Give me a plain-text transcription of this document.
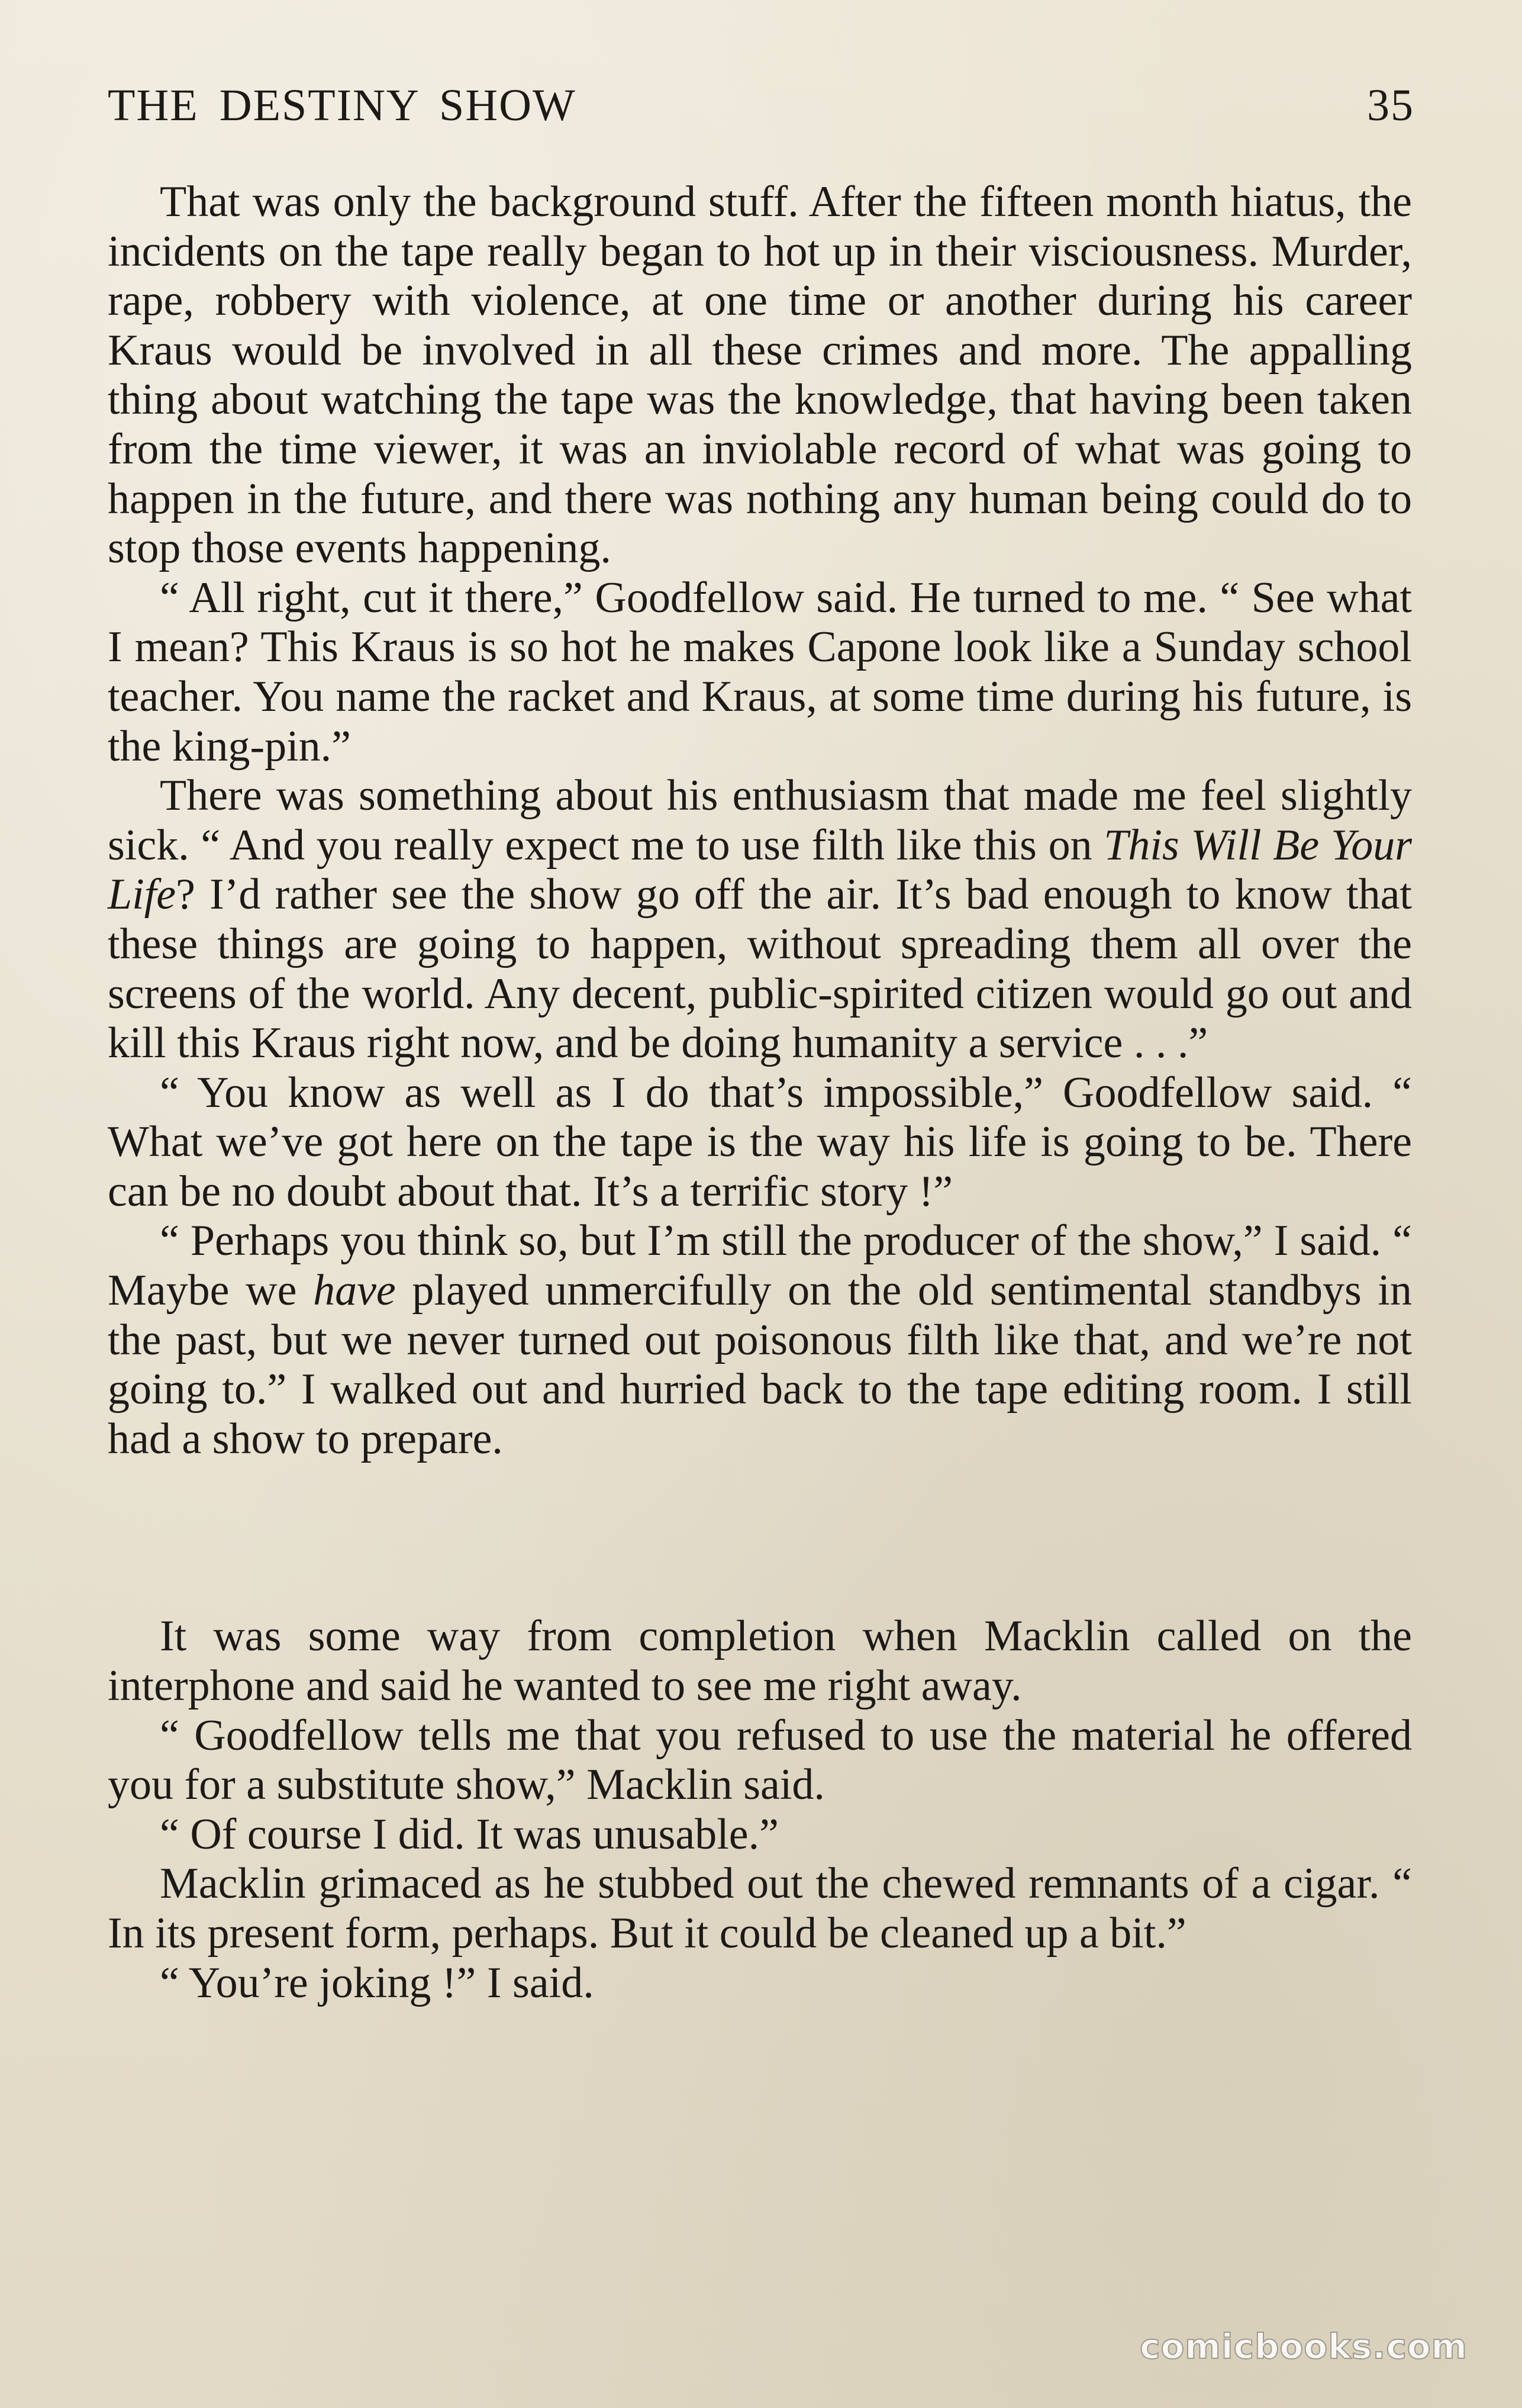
THE DESTINY SHOW	35

That was only the background stuff. After the fifteen month hiatus, the incidents on the tape really began to hot up in their visciousness. Murder, rape, robbery with violence, at one time or another during his career Kraus would be involved in all these crimes and more. The appalling thing about watching the tape was the knowledge, that having been taken from the time viewer, it was an inviolable record of what was going to happen in the future, and there was nothing any human being could do to stop those events happening.

“ All right, cut it there,” Goodfellow said. He turned to me. “ See what I mean? This Kraus is so hot he makes Capone look like a Sunday school teacher. You name the racket and Kraus, at some time during his future, is the king-pin.”

There was something about his enthusiasm that made me feel slightly sick. “ And you really expect me to use filth like this on This Will Be Your Life? I’d rather see the show go off the air. It’s bad enough to know that these things are going to happen, without spreading them all over the screens of the world. Any decent, public-spirited citizen would go out and kill this Kraus right now, and be doing humanity a service . . .”

“ You know as well as I do that’s impossible,” Goodfellow said. “ What we’ve got here on the tape is the way his life is going to be. There can be no doubt about that. It’s a terrific story !”

“ Perhaps you think so, but I’m still the producer of the show,” I said. “ Maybe we have played unmercifully on the old sentimental standbys in the past, but we never turned out poisonous filth like that, and we’re not going to.” I walked out and hurried back to the tape editing room. I still had a show to prepare.

It was some way from completion when Macklin called on the interphone and said he wanted to see me right away.

“ Goodfellow tells me that you refused to use the material he offered you for a substitute show,” Macklin said.

“ Of course I did. It was unusable.”

Macklin grimaced as he stubbed out the chewed remnants of a cigar. “ In its present form, perhaps. But it could be cleaned up a bit.”

“ You’re joking !” I said.

comicbooks.com
